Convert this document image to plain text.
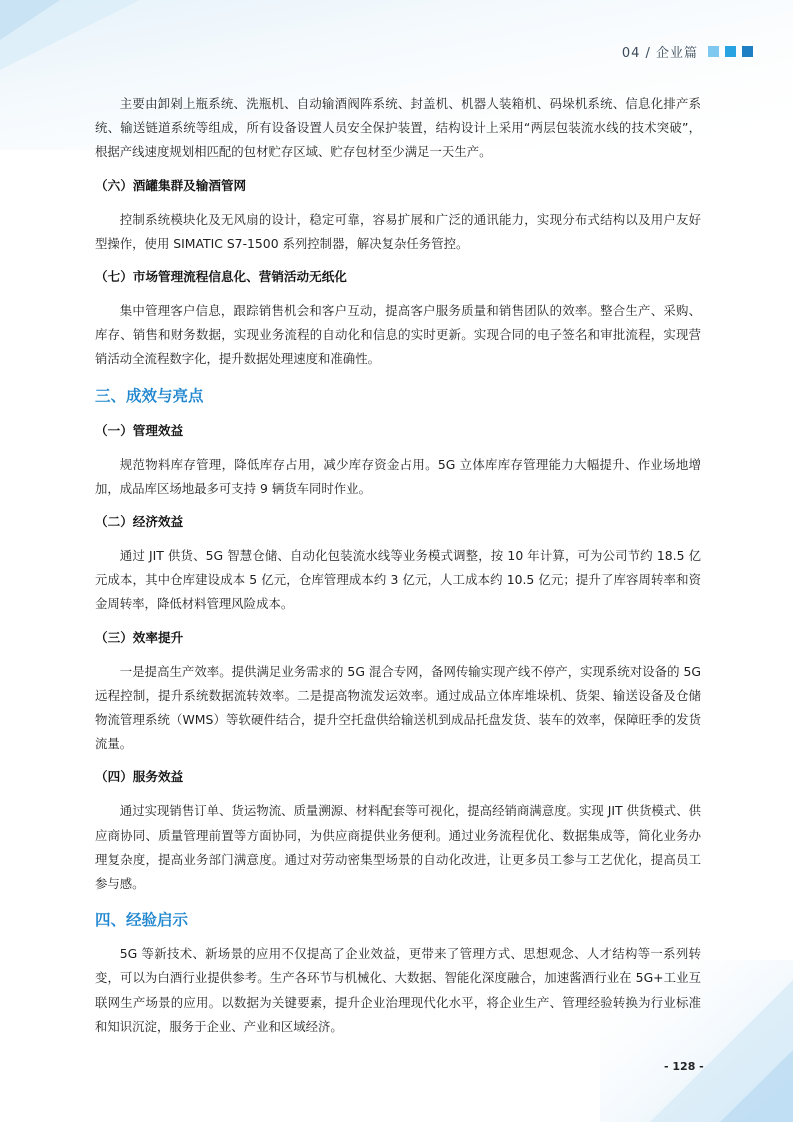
04 / 企业篇

主要由卸剁上瓶系统、洗瓶机、自动输酒阀阵系统、封盖机、机器人装箱机、码垛机系统、信息化排产系统、输送链道系统等组成，所有设备设置人员安全保护装置，结构设计上采用“两层包装流水线的技术突破”，根据产线速度规划相匹配的包材贮存区域、贮存包材至少满足一天生产。

（六）酒罐集群及输酒管网

控制系统模块化及无风扇的设计，稳定可靠，容易扩展和广泛的通讯能力，实现分布式结构以及用户友好型操作，使用 SIMATIC S7-1500 系列控制器，解决复杂任务管控。

（七）市场管理流程信息化、营销活动无纸化

集中管理客户信息，跟踪销售机会和客户互动，提高客户服务质量和销售团队的效率。整合生产、采购、库存、销售和财务数据，实现业务流程的自动化和信息的实时更新。实现合同的电子签名和审批流程，实现营销活动全流程数字化，提升数据处理速度和准确性。

三、成效与亮点

（一）管理效益

规范物料库存管理，降低库存占用，减少库存资金占用。5G 立体库库存管理能力大幅提升、作业场地增加，成品库区场地最多可支持 9 辆货车同时作业。

（二）经济效益

通过 JIT 供货、5G 智慧仓储、自动化包装流水线等业务模式调整，按 10 年计算，可为公司节约 18.5 亿元成本，其中仓库建设成本 5 亿元，仓库管理成本约 3 亿元，人工成本约 10.5 亿元；提升了库容周转率和资金周转率，降低材料管理风险成本。

（三）效率提升

一是提高生产效率。提供满足业务需求的 5G 混合专网，备网传输实现产线不停产，实现系统对设备的 5G 远程控制，提升系统数据流转效率。二是提高物流发运效率。通过成品立体库堆垛机、货架、输送设备及仓储物流管理系统（WMS）等软硬件结合，提升空托盘供给输送机到成品托盘发货、装车的效率，保障旺季的发货流量。

（四）服务效益

通过实现销售订单、货运物流、质量溯源、材料配套等可视化，提高经销商满意度。实现 JIT 供货模式、供应商协同、质量管理前置等方面协同，为供应商提供业务便利。通过业务流程优化、数据集成等，简化业务办理复杂度，提高业务部门满意度。通过对劳动密集型场景的自动化改进，让更多员工参与工艺优化，提高员工参与感。

四、经验启示

5G 等新技术、新场景的应用不仅提高了企业效益，更带来了管理方式、思想观念、人才结构等一系列转变，可以为白酒行业提供参考。生产各环节与机械化、大数据、智能化深度融合，加速酱酒行业在 5G+工业互联网生产场景的应用。以数据为关键要素，提升企业治理现代化水平，将企业生产、管理经验转换为行业标准和知识沉淀，服务于企业、产业和区域经济。

- 128 -
